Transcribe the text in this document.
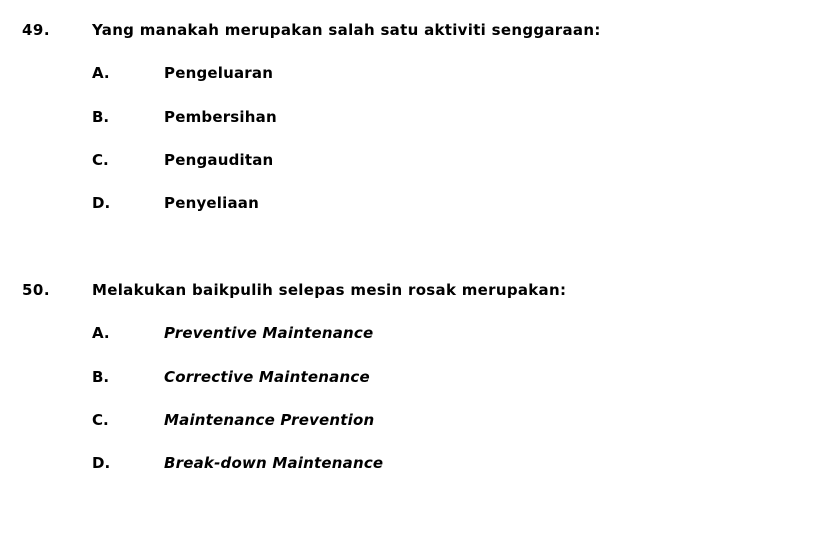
49.	Yang manakah merupakan salah satu aktiviti senggaraan:
A.	Pengeluaran
B.	Pembersihan
C.	Pengauditan
D.	Penyeliaan
50.	Melakukan baikpulih selepas mesin rosak merupakan:
A.	Preventive Maintenance
B.	Corrective Maintenance
C.	Maintenance Prevention
D.	Break-down Maintenance
